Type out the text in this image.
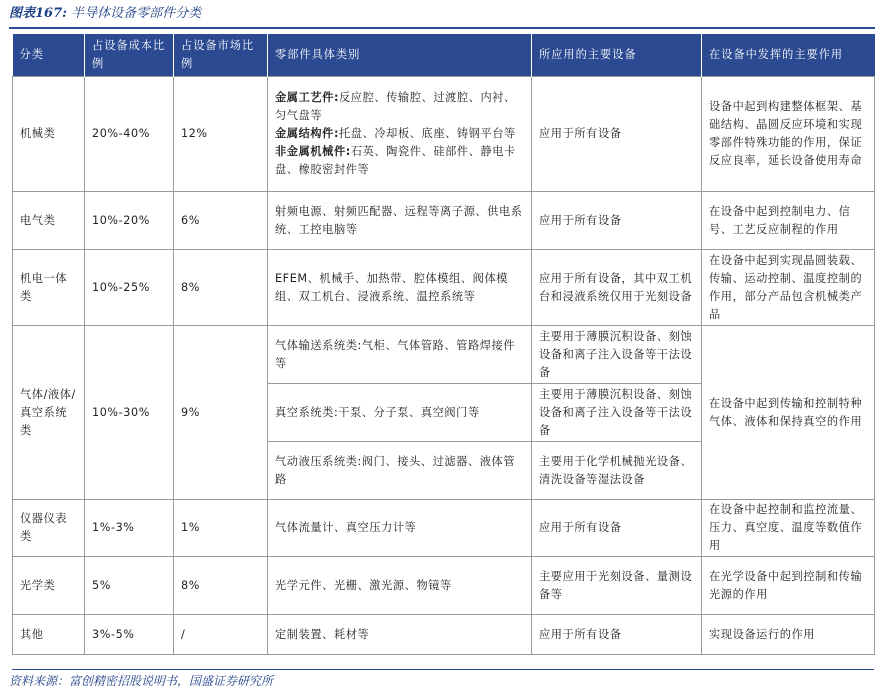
图表167: 半导体设备零部件分类
分类	占设备成本比例	占设备市场比例	零部件具体类别	所应用的主要设备	在设备中发挥的主要作用
机械类	20%-40%	12%	金属工艺件:反应腔、传输腔、过渡腔、内衬、匀气盘等
金属结构件:托盘、冷却板、底座、铸钢平台等
非金属机械件:石英、陶瓷件、硅部件、静电卡盘、橡胶密封件等	应用于所有设备	设备中起到构建整体框架、基础结构、晶圆反应环境和实现零部件特殊功能的作用，保证反应良率，延长设备使用寿命
电气类	10%-20%	6%	射频电源、射频匹配器、远程等离子源、供电系统、工控电脑等	应用于所有设备	在设备中起到控制电力、信号、工艺反应制程的作用
机电一体类	10%-25%	8%	EFEM、机械手、加热带、腔体模组、阀体模组、双工机台、浸液系统、温控系统等	应用于所有设备，其中双工机台和浸液系统仅用于光刻设备	在设备中起到实现晶圆装载、传输、运动控制、温度控制的作用，部分产品包含机械类产品
气体/液体/真空系统类	10%-30%	9%	气体输送系统类:气柜、气体管路、管路焊接件等	主要用于薄膜沉积设备、刻蚀设备和离子注入设备等干法设备	在设备中起到传输和控制特种气体、液体和保持真空的作用
			真空系统类:干泵、分子泵、真空阀门等	主要用于薄膜沉积设备、刻蚀设备和离子注入设备等干法设备	
			气动液压系统类:阀门、接头、过滤器、液体管路	主要用于化学机械抛光设备、清洗设备等湿法设备	
仪器仪表类	1%-3%	1%	气体流量计、真空压力计等	应用于所有设备	在设备中起控制和监控流量、压力、真空度、温度等数值作用
光学类	5%	8%	光学元件、光栅、激光源、物镜等	主要应用于光刻设备、量测设备等	在光学设备中起到控制和传输光源的作用
其他	3%-5%	/	定制装置、耗材等	应用于所有设备	实现设备运行的作用
资料来源：富创精密招股说明书，国盛证券研究所
